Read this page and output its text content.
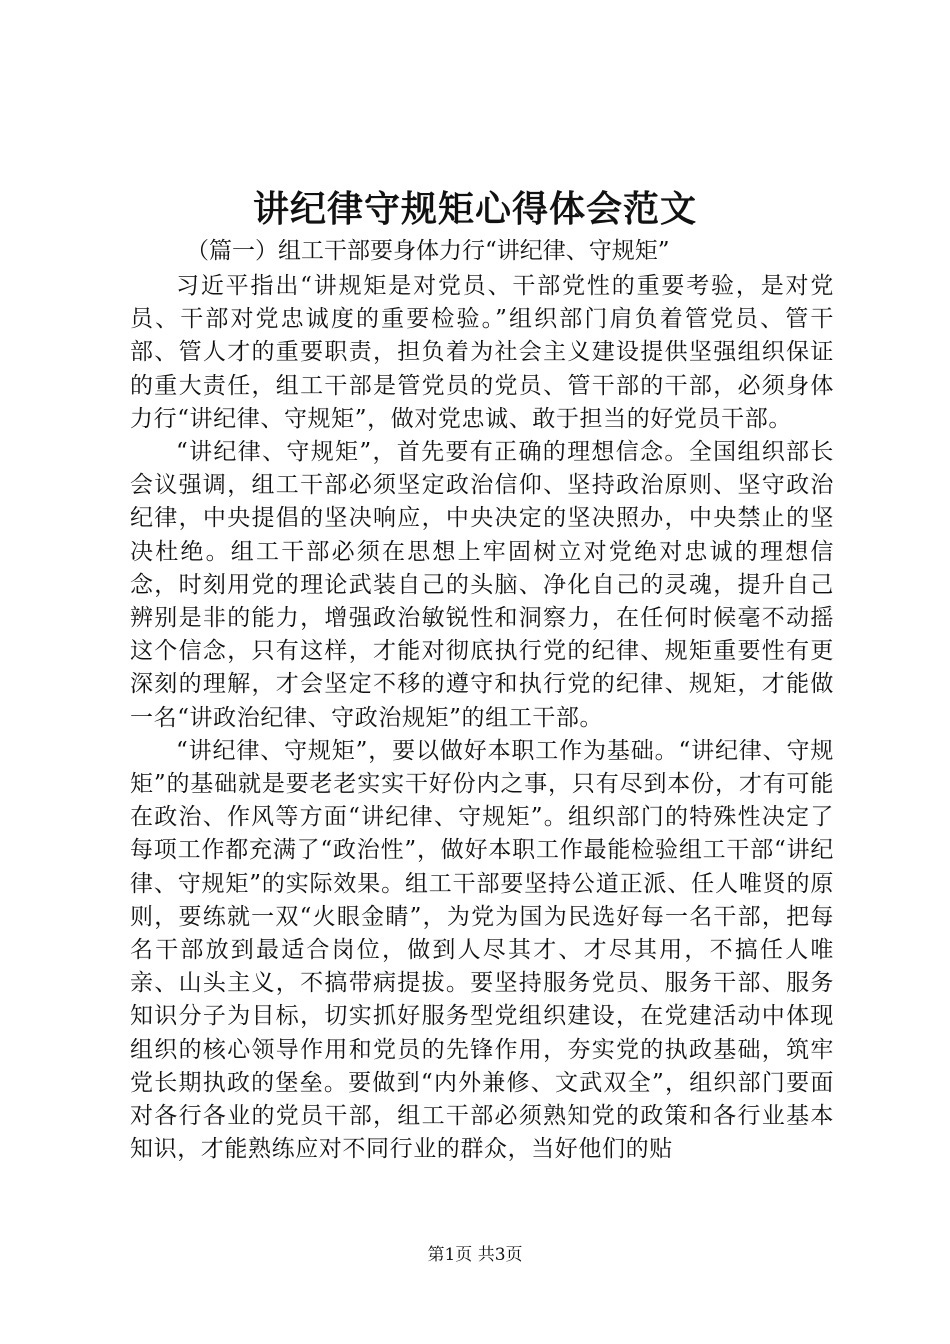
讲纪律守规矩心得体会范文

（篇一）组工干部要身体力行“讲纪律、守规矩”

习近平指出“讲规矩是对党员、干部党性的重要考验，是对党员、干部对党忠诚度的重要检验。”组织部门肩负着管党员、管干部、管人才的重要职责，担负着为社会主义建设提供坚强组织保证的重大责任，组工干部是管党员的党员、管干部的干部，必须身体力行“讲纪律、守规矩”，做对党忠诚、敢于担当的好党员干部。

“讲纪律、守规矩”，首先要有正确的理想信念。全国组织部长会议强调，组工干部必须坚定政治信仰、坚持政治原则、坚守政治纪律，中央提倡的坚决响应，中央决定的坚决照办，中央禁止的坚决杜绝。组工干部必须在思想上牢固树立对党绝对忠诚的理想信念，时刻用党的理论武装自己的头脑、净化自己的灵魂，提升自己辨别是非的能力，增强政治敏锐性和洞察力，在任何时候毫不动摇这个信念，只有这样，才能对彻底执行党的纪律、规矩重要性有更深刻的理解，才会坚定不移的遵守和执行党的纪律、规矩，才能做一名“讲政治纪律、守政治规矩”的组工干部。

“讲纪律、守规矩”，要以做好本职工作为基础。“讲纪律、守规矩”的基础就是要老老实实干好份内之事，只有尽到本份，才有可能在政治、作风等方面“讲纪律、守规矩”。组织部门的特殊性决定了每项工作都充满了“政治性”，做好本职工作最能检验组工干部“讲纪律、守规矩”的实际效果。组工干部要坚持公道正派、任人唯贤的原则，要练就一双“火眼金睛”，为党为国为民选好每一名干部，把每名干部放到最适合岗位，做到人尽其才、才尽其用，不搞任人唯亲、山头主义，不搞带病提拔。要坚持服务党员、服务干部、服务知识分子为目标，切实抓好服务型党组织建设，在党建活动中体现组织的核心领导作用和党员的先锋作用，夯实党的执政基础，筑牢党长期执政的堡垒。要做到“内外兼修、文武双全”，组织部门要面对各行各业的党员干部，组工干部必须熟知党的政策和各行业基本知识，才能熟练应对不同行业的群众，当好他们的贴

第1页 共3页
